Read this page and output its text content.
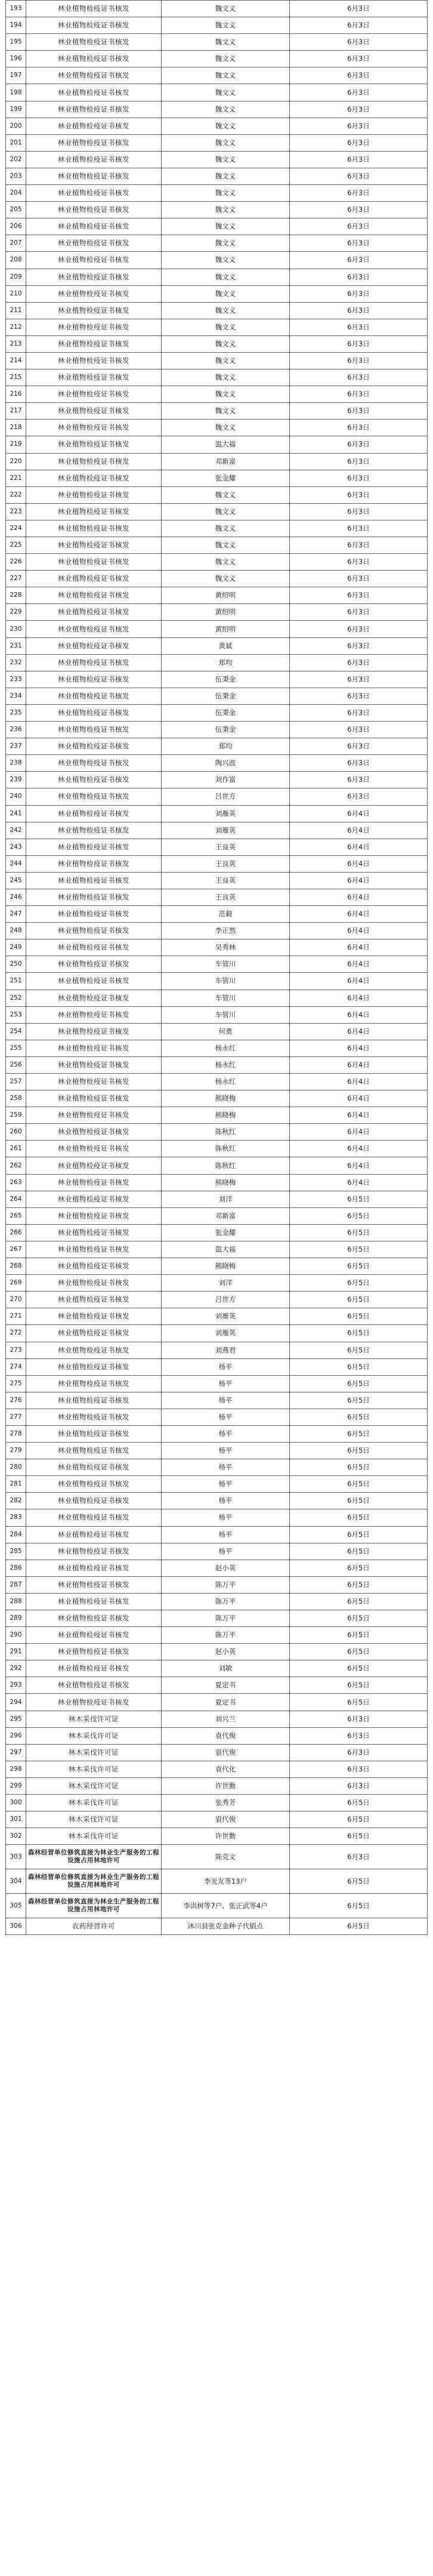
193	林业植物检疫证书核发	魏文义	6月3日
194	林业植物检疫证书核发	魏文义	6月3日
195	林业植物检疫证书核发	魏文义	6月3日
196	林业植物检疫证书核发	魏文义	6月3日
197	林业植物检疫证书核发	魏文义	6月3日
198	林业植物检疫证书核发	魏文义	6月3日
199	林业植物检疫证书核发	魏文义	6月3日
200	林业植物检疫证书核发	魏文义	6月3日
201	林业植物检疫证书核发	魏文义	6月3日
202	林业植物检疫证书核发	魏文义	6月3日
203	林业植物检疫证书核发	魏文义	6月3日
204	林业植物检疫证书核发	魏文义	6月3日
205	林业植物检疫证书核发	魏文义	6月3日
206	林业植物检疫证书核发	魏文义	6月3日
207	林业植物检疫证书核发	魏文义	6月3日
208	林业植物检疫证书核发	魏文义	6月3日
209	林业植物检疫证书核发	魏文义	6月3日
210	林业植物检疫证书核发	魏文义	6月3日
211	林业植物检疫证书核发	魏文义	6月3日
212	林业植物检疫证书核发	魏文义	6月3日
213	林业植物检疫证书核发	魏文义	6月3日
214	林业植物检疫证书核发	魏文义	6月3日
215	林业植物检疫证书核发	魏文义	6月3日
216	林业植物检疫证书核发	魏文义	6月3日
217	林业植物检疫证书核发	魏文义	6月3日
218	林业植物检疫证书核发	魏文义	6月3日
219	林业植物检疫证书核发	温大福	6月3日
220	林业植物检疫证书核发	邓新富	6月3日
221	林业植物检疫证书核发	张金耀	6月3日
222	林业植物检疫证书核发	魏文义	6月3日
223	林业植物检疫证书核发	魏文义	6月3日
224	林业植物检疫证书核发	魏文义	6月3日
225	林业植物检疫证书核发	魏文义	6月3日
226	林业植物检疫证书核发	魏文义	6月3日
227	林业植物检疫证书核发	魏文义	6月3日
228	林业植物检疫证书核发	黄绍明	6月3日
229	林业植物检疫证书核发	黄绍明	6月3日
230	林业植物检疫证书核发	黄绍明	6月3日
231	林业植物检疫证书核发	黄斌	6月3日
232	林业植物检疫证书核发	郑均	6月3日
233	林业植物检疫证书核发	伍秉金	6月3日
234	林业植物检疫证书核发	伍秉金	6月3日
235	林业植物检疫证书核发	伍秉金	6月3日
236	林业植物检疫证书核发	伍秉金	6月3日
237	林业植物检疫证书核发	郑均	6月3日
238	林业植物检疫证书核发	陶兴波	6月3日
239	林业植物检疫证书核发	刘作富	6月3日
240	林业植物检疫证书核发	吕世方	6月3日
241	林业植物检疫证书核发	刘雁英	6月4日
242	林业植物检疫证书核发	刘雁英	6月4日
243	林业植物检疫证书核发	王良英	6月4日
244	林业植物检疫证书核发	王良英	6月4日
245	林业植物检疫证书核发	王良英	6月4日
246	林业植物检疫证书核发	王良英	6月4日
247	林业植物检疫证书核发	范毅	6月4日
248	林业植物检疫证书核发	李正然	6月4日
249	林业植物检疫证书核发	吴秀林	6月4日
250	林业植物检疫证书核发	车管川	6月4日
251	林业植物检疫证书核发	车管川	6月4日
252	林业植物检疫证书核发	车管川	6月4日
253	林业植物检疫证书核发	车管川	6月4日
254	林业植物检疫证书核发	何勇	6月4日
255	林业植物检疫证书核发	杨永红	6月4日
256	林业植物检疫证书核发	杨永红	6月4日
257	林业植物检疫证书核发	杨永红	6月4日
258	林业植物检疫证书核发	熊晓梅	6月4日
259	林业植物检疫证书核发	熊晓梅	6月4日
260	林业植物检疫证书核发	陈秋红	6月4日
261	林业植物检疫证书核发	陈秋红	6月4日
262	林业植物检疫证书核发	陈秋红	6月4日
263	林业植物检疫证书核发	熊晓梅	6月4日
264	林业植物检疫证书核发	刘洋	6月5日
265	林业植物检疫证书核发	邓新富	6月5日
266	林业植物检疫证书核发	张金耀	6月5日
267	林业植物检疫证书核发	温大福	6月5日
268	林业植物检疫证书核发	熊晓梅	6月5日
269	林业植物检疫证书核发	刘洋	6月5日
270	林业植物检疫证书核发	吕世方	6月5日
271	林业植物检疫证书核发	刘雁英	6月5日
272	林业植物检疫证书核发	刘雁英	6月5日
273	林业植物检疫证书核发	刘燕君	6月5日
274	林业植物检疫证书核发	杨平	6月5日
275	林业植物检疫证书核发	杨平	6月5日
276	林业植物检疫证书核发	杨平	6月5日
277	林业植物检疫证书核发	杨平	6月5日
278	林业植物检疫证书核发	杨平	6月5日
279	林业植物检疫证书核发	杨平	6月5日
280	林业植物检疫证书核发	杨平	6月5日
281	林业植物检疫证书核发	杨平	6月5日
282	林业植物检疫证书核发	杨平	6月5日
283	林业植物检疫证书核发	杨平	6月5日
284	林业植物检疫证书核发	杨平	6月5日
285	林业植物检疫证书核发	杨平	6月5日
286	林业植物检疫证书核发	赵小英	6月5日
287	林业植物检疫证书核发	陈万平	6月5日
288	林业植物检疫证书核发	陈万平	6月5日
289	林业植物检疫证书核发	陈万平	6月5日
290	林业植物检疫证书核发	陈万平	6月5日
291	林业植物检疫证书核发	赵小英	6月5日
292	林业植物检疫证书核发	刘敏	6月5日
293	林业植物检疫证书核发	夏定书	6月5日
294	林业植物检疫证书核发	夏定书	6月5日
295	林木采伐许可证	刘兴兰	6月3日
296	林木采伐许可证	袁代俊	6月3日
297	林木采伐许可证	袁代俊	6月3日
298	林木采伐许可证	袁代化	6月3日
299	林木采伐许可证	许世勤	6月3日
300	林木采伐许可证	张秀芳	6月5日
301	林木采伐许可证	袁代俊	6月5日
302	林木采伐许可证	许世勤	6月5日
303	森林经营单位修筑直接为林业生产服务的工程设施占用林地许可	陈克文	6月3日
304	森林经营单位修筑直接为林业生产服务的工程设施占用林地许可	李光友等13户	6月5日
305	森林经营单位修筑直接为林业生产服务的工程设施占用林地许可	李洪树等7户、张正武等4户	6月5日
306	农药经营许可	沐川县张克金种子代销点	6月5日
